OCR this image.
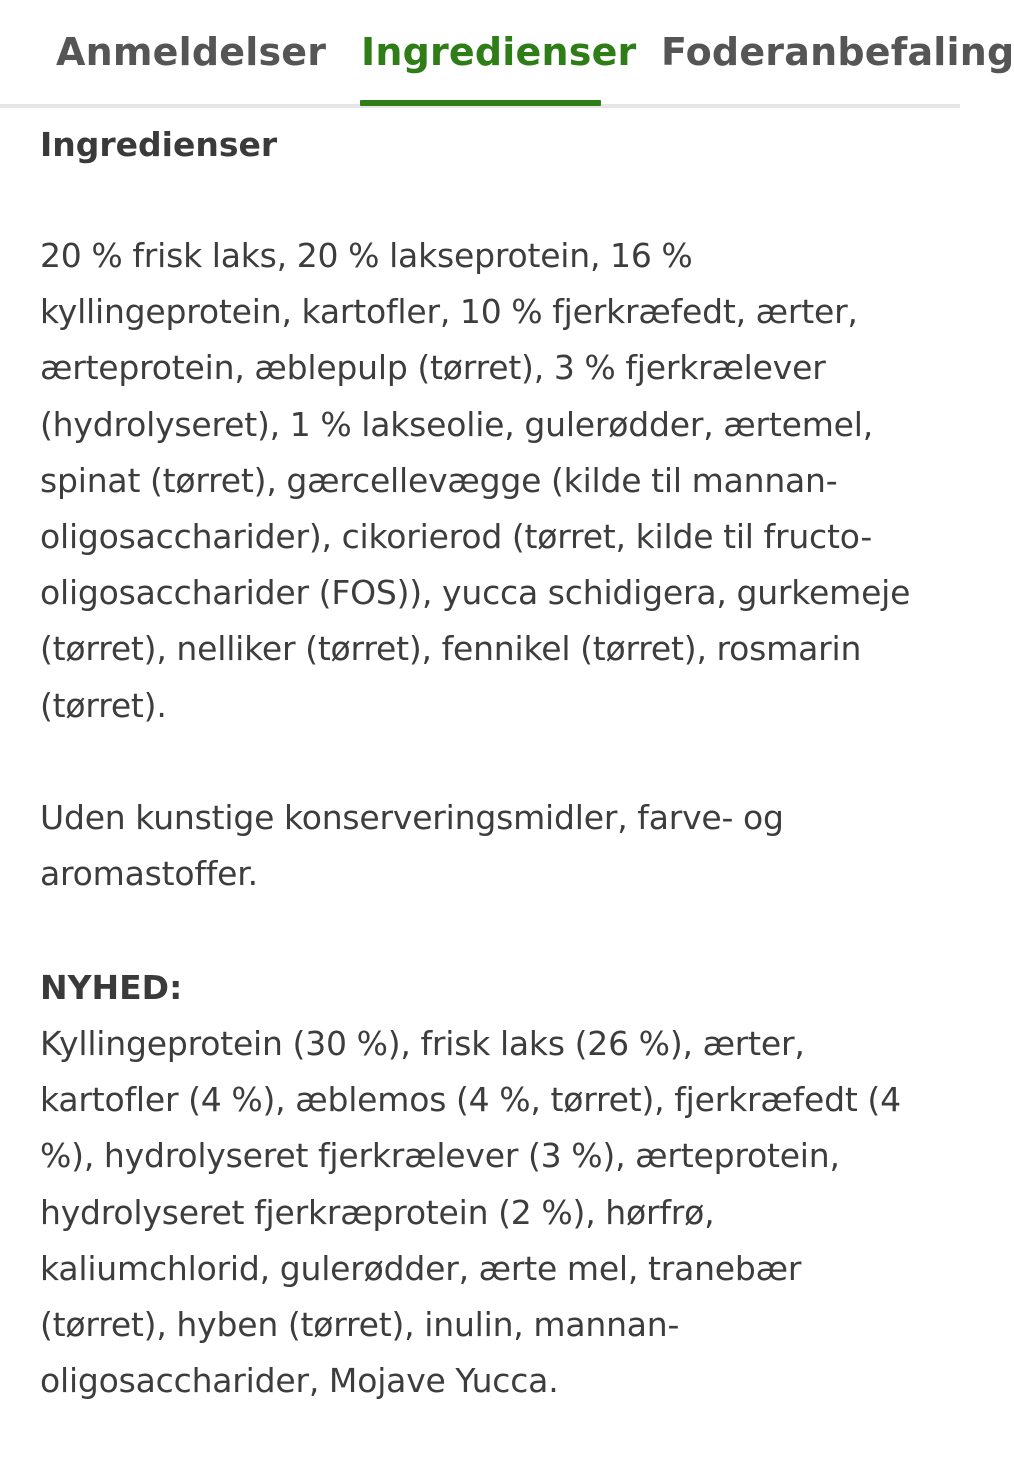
Anmeldelser Ingredienser Foderanbefaling
Ingredienser

20 % frisk laks, 20 % lakseprotein, 16 % kyllingeprotein, kartofler, 10 % fjerkræfedt, ærter, ærteprotein, æblepulp (tørret), 3 % fjerkrælever (hydrolyseret), 1 % lakseolie, gulerødder, ærtemel, spinat (tørret), gærcellevægge (kilde til mannan-oligosaccharider), cikorierod (tørret, kilde til fructo-oligosaccharider (FOS)), yucca schidigera, gurkemeje (tørret), nelliker (tørret), fennikel (tørret), rosmarin (tørret).

Uden kunstige konserveringsmidler, farve- og aromastoffer.

NYHED:

Kyllingeprotein (30 %), frisk laks (26 %), ærter, kartofler (4 %), æblemos (4 %, tørret), fjerkræfedt (4 %), hydrolyseret fjerkrælever (3 %), ærteprotein, hydrolyseret fjerkræprotein (2 %), hørfrø, kaliumchlorid, gulerødder, ærte mel, tranebær (tørret), hyben (tørret), inulin, mannan-oligosaccharider, Mojave Yucca.
